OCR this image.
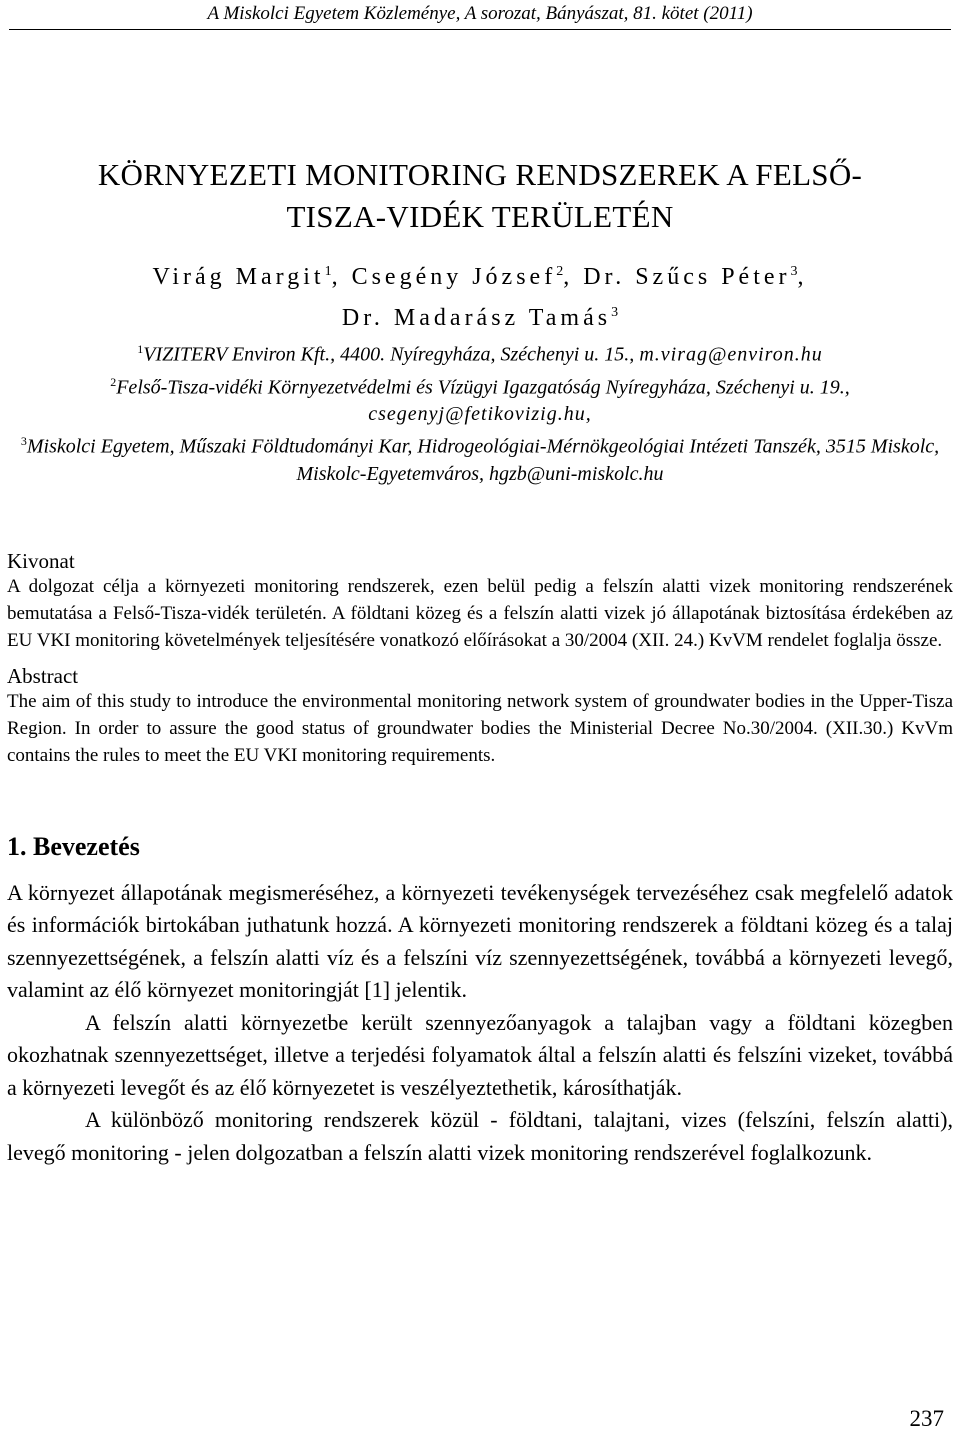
A Miskolci Egyetem Közleménye, A sorozat, Bányászat, 81. kötet (2011)
KÖRNYEZETI MONITORING RENDSZEREK A FELSŐ-
TISZA-VIDÉK TERÜLETÉN
Virág Margit$^1$, Csegény József$^2$, Dr. Szűcs Péter$^3$,
Dr. Madarász Tamás$^3$
$^1$VIZITERV Environ Kft., 4400. Nyíregyháza, Széchenyi u. 15., m.virag@environ.hu
$^2$Felső-Tisza-vidéki Környezetvédelmi és Vízügyi Igazgatóság Nyíregyháza, Széchenyi u. 19., csegenyj@fetikovizig.hu,
$^3$Miskolci Egyetem, Műszaki Földtudományi Kar, Hidrogeológiai-Mérnökgeológiai Intézeti Tanszék, 3515 Miskolc, Miskolc-Egyetemváros, hgzb@uni-miskolc.hu
Kivonat
A dolgozat célja a környezeti monitoring rendszerek, ezen belül pedig a felszín alatti vizek monitoring rendszerének bemutatása a Felső-Tisza-vidék területén. A földtani közeg és a felszín alatti vizek jó állapotának biztosítása érdekében az EU VKI monitoring követelmények teljesítésére vonatkozó előírásokat a 30/2004 (XII. 24.) KvVM rendelet foglalja össze.
Abstract
The aim of this study to introduce the environmental monitoring network system of groundwater bodies in the Upper-Tisza Region. In order to assure the good status of groundwater bodies the Ministerial Decree No.30/2004. (XII.30.) KvVm contains the rules to meet the EU VKI monitoring requirements.
1. Bevezetés

A környezet állapotának megismeréséhez, a környezeti tevékenységek tervezéséhez csak megfelelő adatok és információk birtokában juthatunk hozzá. A környezeti monitoring rendszerek a földtani közeg és a talaj szennyezettségének, a felszín alatti víz és a felszíni víz szennyezettségének, továbbá a környezeti levegő, valamint az élő környezet monitoringját [1] jelentik.

A felszín alatti környezetbe került szennyezőanyagok a talajban vagy a földtani közegben okozhatnak szennyezettséget, illetve a terjedési folyamatok által a felszín alatti és felszíni vizeket, továbbá a környezeti levegőt és az élő környezetet is veszélyeztethetik, károsíthatják.

A különböző monitoring rendszerek közül - földtani, talajtani, vizes (felszíni, felszín alatti), levegő monitoring - jelen dolgozatban a felszín alatti vizek monitoring rendszerével foglalkozunk.

237
